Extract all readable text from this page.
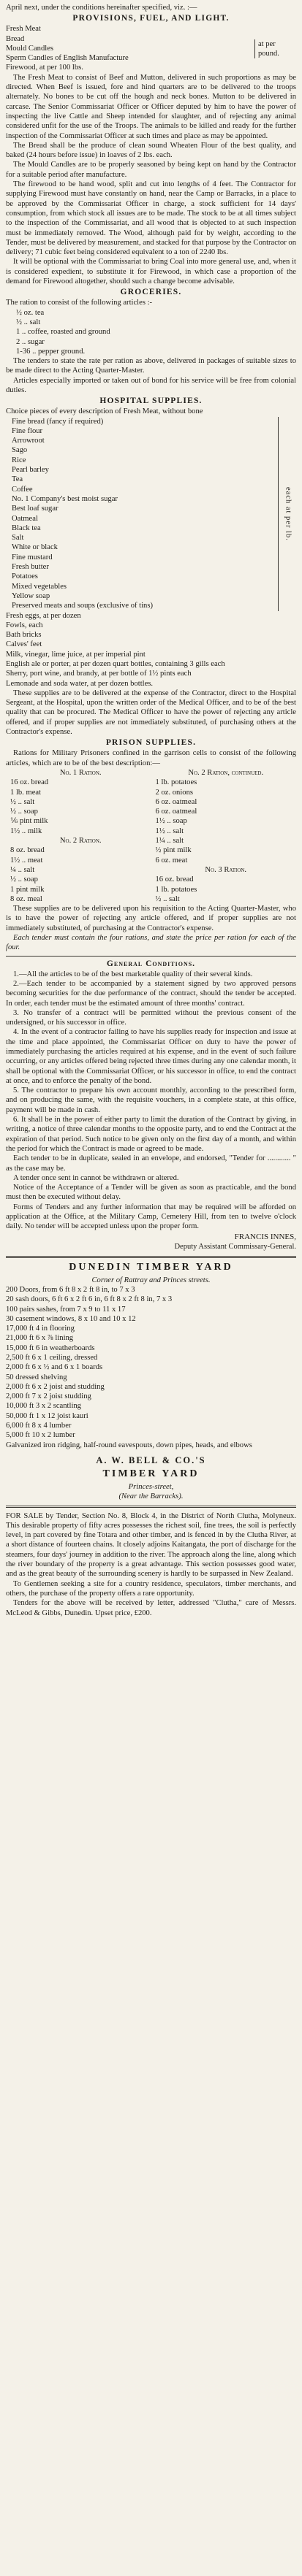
April next, under the conditions hereinafter specified, viz. :—

PROVISIONS, FUEL, AND LIGHT.

Fresh Meat

Bread

Mould Candles

Sperm Candles of English Manufacture

Firewood, at per 100 lbs.

at per pound.

The Fresh Meat to consist of Beef and Mutton, delivered in such proportions as may be directed. When Beef is issued, fore and hind quarters are to be delivered to the troops alternately. No bones to be cut off the hough and neck bones. Mutton to be delivered in carcase. The Senior Commissariat Officer or Officer deputed by him to have the power of inspecting the live Cattle and Sheep intended for slaughter, and of rejecting any animal considered unfit for the use of the Troops. The animals to be killed and ready for the further inspection of the Commissariat Officer at such times and place as may be appointed.

The Bread shall be the produce of clean sound Wheaten Flour of the best quality, and baked (24 hours before issue) in loaves of 2 lbs. each.

The Mould Candles are to be properly seasoned by being kept on hand by the Contractor for a suitable period after manufacture.

The firewood to be hand wood, split and cut into lengths of 4 feet. The Contractor for supplying Firewood must have constantly on hand, near the Camp or Barracks, in a place to be approved by the Commissariat Officer in charge, a stock sufficient for 14 days' consumption, from which stock all issues are to be made. The stock to be at all times subject to the inspection of the Commissariat, and all wood that is objected to at such inspection must be immediately removed. The Wood, although paid for by weight, according to the Tender, must be delivered by measurement, and stacked for that purpose by the Contractor on delivery; 71 cubic feet being considered equivalent to a ton of 2240 lbs.

It will be optional with the Commissariat to bring Coal into more general use, and, when it is considered expedient, to substitute it for Firewood, in which case a proportion of the demand for Firewood altogether, should such a change become advisable.

GROCERIES.

The ration to consist of the following articles :-

½ oz. tea

½ .. salt

1 .. coffee, roasted and ground

2 .. sugar

1-36 .. pepper ground.

The tenders to state the rate per ration as above, delivered in packages of suitable sizes to be made direct to the Acting Quarter-Master.

Articles especially imported or taken out of bond for his service will be free from colonial duties.

HOSPITAL SUPPLIES.

Choice pieces of every description of Fresh Meat, without bone

Fine bread (fancy if required)

Fine flour

Arrowroot

Sago

Rice

Pearl barley

Tea

Coffee

No. 1 Company's best moist sugar

Best loaf sugar

Oatmeal

Black tea

Salt

White or black

Fine mustard

Fresh butter

Potatoes

Mixed vegetables

Yellow soap

Preserved meats and soups (exclusive of tins)

each at per lb.

Fresh eggs, at per dozen

Fowls, each

Bath bricks

Calves' feet

Milk, vinegar, lime juice, at per imperial pint

English ale or porter, at per dozen quart bottles, containing 3 gills each

Sherry, port wine, and brandy, at per bottle of 1½ pints each

Lemonade and soda water, at per dozen bottles.

These supplies are to be delivered at the expense of the Contractor, direct to the Hospital Sergeant, at the Hospital, upon the written order of the Medical Officer, and to be of the best quality that can be procured. The Medical Officer to have the power of rejecting any article offered, and if proper supplies are not immediately substituted, of purchasing others at the Contractor's expense.

PRISON SUPPLIES.

Rations for Military Prisoners confined in the garrison cells to consist of the following articles, which are to be of the best description:—

No. 1 Ration.

16 oz. bread

1 lb. meat

½ .. salt

½ .. soap

⅙ pint milk

1½ .. milk

No. 2 Ration.

8 oz. bread

1½ .. meat

¼ .. salt

½ .. soap

1 pint milk

8 oz. meal

No. 2 Ration, continued.

1 lb. potatoes

2 oz. onions

6 oz. oatmeal

6 oz. oatmeal

1½ .. soap

1½ .. salt

1¼ .. salt

½ pint milk

6 oz. meat

No. 3 Ration.

16 oz. bread

1 lb. potatoes

½ .. salt

These supplies are to be delivered upon his requisition to the Acting Quarter-Master, who is to have the power of rejecting any article offered, and if proper supplies are not immediately substituted, of purchasing at the Contractor's expense.

Each tender must contain the four rations, and state the price per ration for each of the four.

General Conditions.

1.—All the articles to be of the best marketable quality of their several kinds.

2.—Each tender to be accompanied by a statement signed by two approved persons becoming securities for the due performance of the contract, should the tender be accepted. In order, each tender must be the estimated amount of three months' contract.

3. No transfer of a contract will be permitted without the previous consent of the undersigned, or his successor in office.

4. In the event of a contractor failing to have his supplies ready for inspection and issue at the time and place appointed, the Commissariat Officer on duty to have the power of immediately purchasing the articles required at his expense, and in the event of such failure occurring, or any articles offered being rejected three times during any one calendar month, it shall be optional with the Commissariat Officer, or his successor in office, to end the contract at once, and to enforce the penalty of the bond.

5. The contractor to prepare his own account monthly, according to the prescribed form, and on producing the same, with the requisite vouchers, in a complete state, at this office, payment will be made in cash.

6. It shall be in the power of either party to limit the duration of the Contract by giving, in writing, a notice of three calendar months to the opposite party, and to end the Contract at the expiration of that period. Such notice to be given only on the first day of a month, and within the period for which the Contract is made or agreed to be made.

Each tender to be in duplicate, sealed in an envelope, and endorsed, "Tender for ............ " as the case may be.

A tender once sent in cannot be withdrawn or altered.

Notice of the Acceptance of a Tender will be given as soon as practicable, and the bond must then be executed without delay.

Forms of Tenders and any further information that may be required will be afforded on application at the Office, at the Military Camp, Cemetery Hill, from ten to twelve o'clock daily. No tender will be accepted unless upon the proper form.

FRANCIS INNES,
Deputy Assistant Commissary-General.
DUNEDIN TIMBER YARD

Corner of Rattray and Princes streets.

200 Doors, from 6 ft 8 x 2 ft 8 in, to 7 x 3

20 sash doors, 6 ft 6 x 2 ft 6 in, 6 ft 8 x 2 ft 8 in, 7 x 3

100 pairs sashes, from 7 x 9 to 11 x 17

30 casement windows, 8 x 10 and 10 x 12

17,000 ft 4 in flooring

21,000 ft 6 x ⅞ lining

15,000 ft 6 in weatherboards

2,500 ft 6 x 1 ceiling, dressed

2,000 ft 6 x ½ and 6 x 1 boards

50 dressed shelving

2,000 ft 6 x 2 joist and studding

2,000 ft 7 x 2 joist studding

10,000 ft 3 x 2 scantling

50,000 ft 1 x 12 joist kauri

6,000 ft 8 x 4 lumber

5,000 ft 10 x 2 lumber

Galvanized iron ridging, half-round eavespouts, down pipes, heads, and elbows

A. W. BELL & CO.'S
TIMBER YARD

Princes-street,

(Near the Barracks).

FOR SALE by Tender, Section No. 8, Block 4, in the District of North Clutha, Molyneux. This desirable property of fifty acres possesses the richest soil, fine trees, the soil is perfectly level, in part covered by fine Totara and other timber, and is fenced in by the Clutha River, at a short distance of fourteen chains. It closely adjoins Kaitangata, the port of discharge for the steamers, four days' journey in addition to the river. The approach along the line, along which the river boundary of the property is a great advantage. This section possesses good water, and as the great beauty of the surrounding scenery is hardly to be surpassed in New Zealand.

To Gentlemen seeking a site for a country residence, speculators, timber merchants, and others, the purchase of the property offers a rare opportunity.

Tenders for the above will be received by letter, addressed "Clutha," care of Messrs. McLeod & Gibbs, Dunedin. Upset price, £200.
